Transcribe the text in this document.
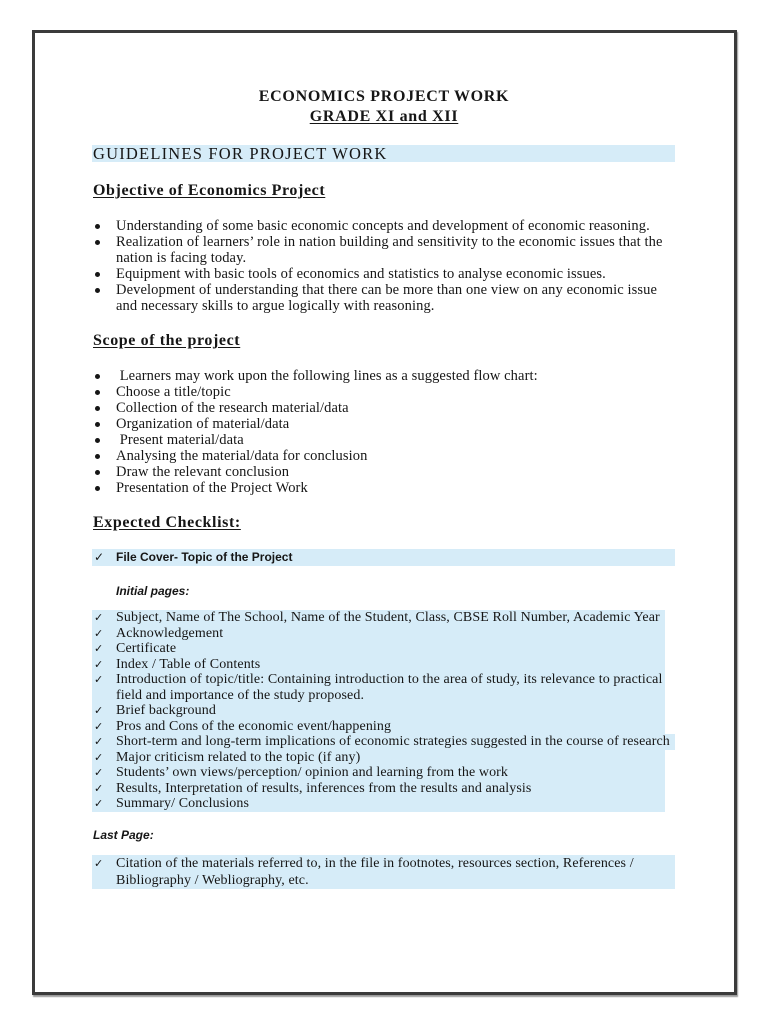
ECONOMICS PROJECT WORK
GRADE XI and XII
GUIDELINES FOR PROJECT WORK
Objective of Economics Project
Understanding of some basic economic concepts and development of economic reasoning.
Realization of learners’ role in nation building and sensitivity to the economic issues that the
nation is facing today.
Equipment with basic tools of economics and statistics to analyse economic issues.
Development of understanding that there can be more than one view on any economic issue
and necessary skills to argue logically with reasoning.
Scope of the project
Learners may work upon the following lines as a suggested flow chart:
Choose a title/topic
Collection of the research material/data
Organization of material/data
Present material/data
Analysing the material/data for conclusion
Draw the relevant conclusion
Presentation of the Project Work
Expected Checklist:
✓
File Cover- Topic of the Project
Initial pages:
✓
Subject, Name of The School, Name of the Student, Class, CBSE Roll Number, Academic Year
✓
Acknowledgement
✓
Certificate
✓
Index / Table of Contents
✓
Introduction of topic/title: Containing introduction to the area of study, its relevance to practical
field and importance of the study proposed.
✓
Brief background
✓
Pros and Cons of the economic event/happening
✓
Short-term and long-term implications of economic strategies suggested in the course of research
✓
Major criticism related to the topic (if any)
✓
Students’ own views/perception/ opinion and learning from the work
✓
Results, Interpretation of results, inferences from the results and analysis
✓
Summary/ Conclusions
Last Page:
✓
Citation of the materials referred to, in the file in footnotes, resources section, References /
Bibliography / Webliography, etc.
